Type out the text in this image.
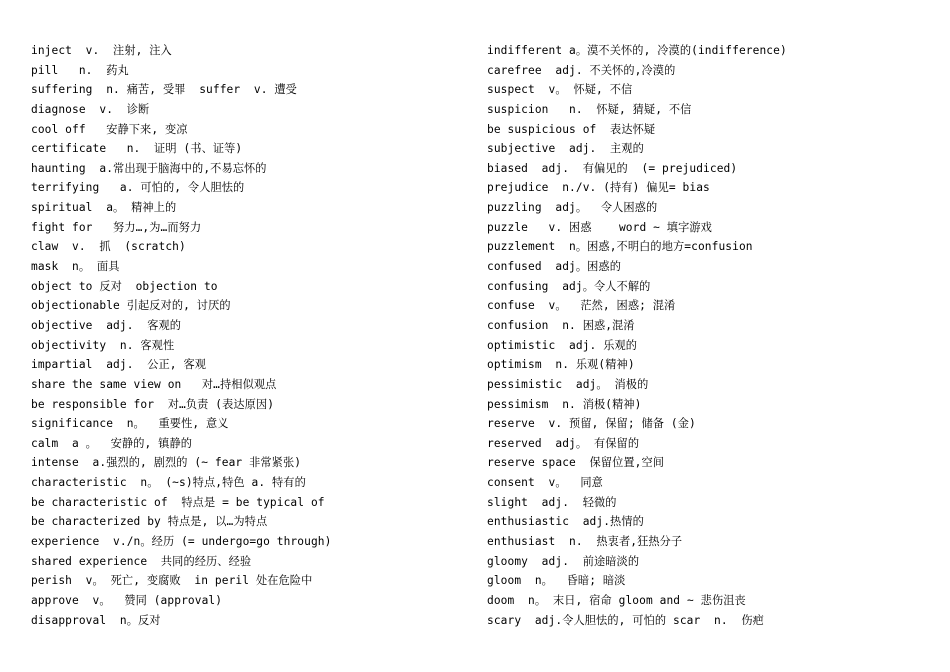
inject  v.  注射, 注入
pill   n.  药丸
suffering  n. 痛苦, 受罪  suffer  v. 遭受
diagnose  v.  诊断
cool off   安静下来, 变凉
certificate   n.  证明 (书、证等)
haunting  a.常出现于脑海中的,不易忘怀的
terrifying   a. 可怕的, 令人胆怯的
spiritual  a。 精神上的
fight for   努力…,为…而努力
claw  v.  抓  (scratch)
mask  n。 面具
object to 反对  objection to
objectionable 引起反对的, 讨厌的
objective  adj.  客观的
objectivity  n. 客观性
impartial  adj.  公正, 客观
share the same view on   对…持相似观点
be responsible for  对…负责 (表达原因)
significance  n。  重要性, 意义
calm  a 。  安静的, 镇静的
intense  a.强烈的, 剧烈的 (~ fear 非常紧张)
characteristic  n。 (~s)特点,特色 a. 特有的
be characteristic of  特点是 = be typical of
be characterized by 特点是, 以…为特点
experience  v./n。经历 (= undergo=go through)
shared experience  共同的经历、经验
perish  v。 死亡, 变腐败  in peril 处在危险中
approve  v。  赞同 (approval)
disapproval  n。反对
indifferent a。漠不关怀的, 冷漠的(indifference)
carefree  adj. 不关怀的,冷漠的
suspect  v。 怀疑, 不信
suspicion   n.  怀疑, 猜疑, 不信
be suspicious of  表达怀疑
subjective  adj.  主观的
biased  adj.  有偏见的  (= prejudiced)
prejudice  n./v. (持有) 偏见= bias
puzzling  adj。  令人困惑的
puzzle   v. 困惑    word ~ 填字游戏
puzzlement  n。困惑,不明白的地方=confusion
confused  adj。困惑的
confusing  adj。令人不解的
confuse  v。  茫然, 困惑; 混淆
confusion  n. 困惑,混淆
optimistic  adj. 乐观的
optimism  n. 乐观(精神)
pessimistic  adj。 消极的
pessimism  n. 消极(精神)
reserve  v. 预留, 保留; 储备 (金)
reserved  adj。 有保留的
reserve space  保留位置,空间
consent  v。  同意
slight  adj.  轻微的
enthusiastic  adj.热情的
enthusiast  n.  热衷者,狂热分子
gloomy  adj.  前途暗淡的
gloom  n。  昏暗; 暗淡
doom  n。 末日, 宿命 gloom and ~ 悲伤沮丧
scary  adj.令人胆怯的, 可怕的 scar  n.  伤疤
